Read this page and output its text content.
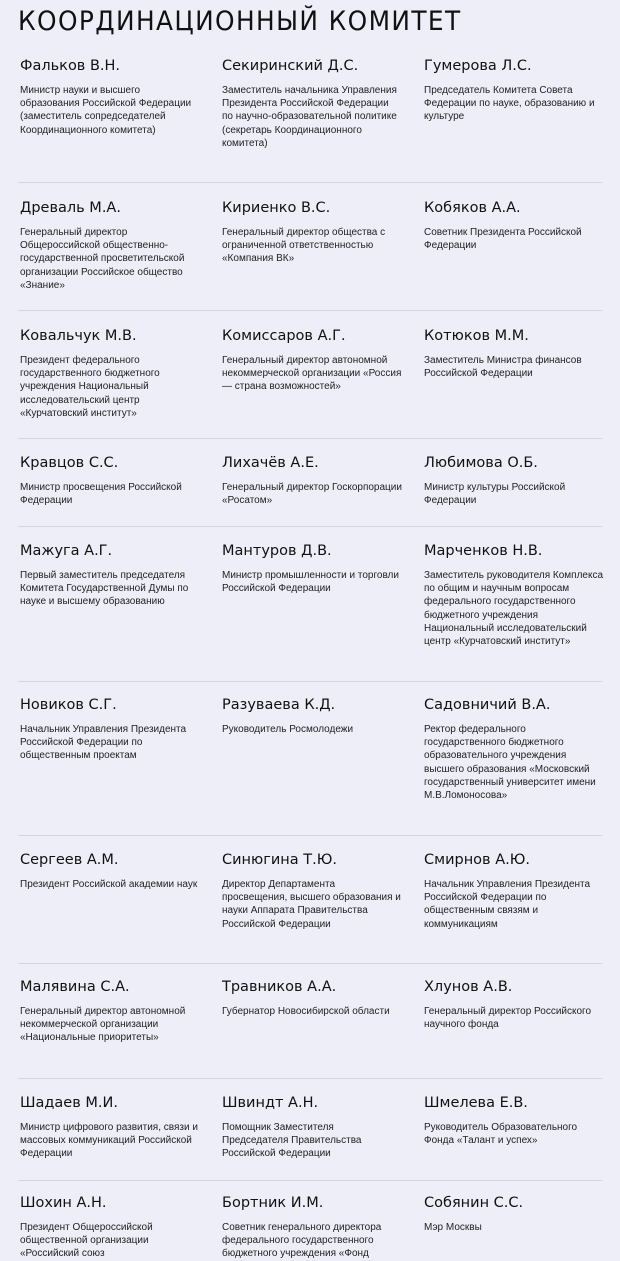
КООРДИНАЦИОННЫЙ КОМИТЕТ
Фальков В.Н.
Министр науки и высшего образования Российской Федерации (заместитель сопредседателей Координационного комитета)
Секиринский Д.С.
Заместитель начальника Управления Президента Российской Федерации по научно-образовательной политике (секретарь Координационного комитета)
Гумерова Л.С.
Председатель Комитета Совета Федерации по науке, образованию и культуре
Древаль М.А.
Генеральный директор Общероссийской общественно-государственной просветительской организации Российское общество «Знание»
Кириенко В.С.
Генеральный директор общества с ограниченной ответственностью «Компания ВК»
Кобяков А.А.
Советник Президента Российской Федерации
Ковальчук М.В.
Президент федерального государственного бюджетного учреждения Национальный исследовательский центр «Курчатовский институт»
Комиссаров А.Г.
Генеральный директор автономной некоммерческой организации «Россия — страна возможностей»
Котюков М.М.
Заместитель Министра финансов Российской Федерации
Кравцов С.С.
Министр просвещения Российской Федерации
Лихачёв А.Е.
Генеральный директор Госкорпорации «Росатом»
Любимова О.Б.
Министр культуры Российской Федерации
Мажуга А.Г.
Первый заместитель председателя Комитета Государственной Думы по науке и высшему образованию
Мантуров Д.В.
Министр промышленности и торговли Российской Федерации
Марченков Н.В.
Заместитель руководителя Комплекса по общим и научным вопросам федерального государственного бюджетного учреждения Национальный исследовательский центр «Курчатовский институт»
Новиков С.Г.
Начальник Управления Президента Российской Федерации по общественным проектам
Разуваева К.Д.
Руководитель Росмолодежи
Садовничий В.А.
Ректор федерального государственного бюджетного образовательного учреждения высшего образования «Московский государственный университет имени М.В.Ломоносова»
Сергеев А.М.
Президент Российской академии наук
Синюгина Т.Ю.
Директор Департамента просвещения, высшего образования и науки Аппарата Правительства Российской Федерации
Смирнов А.Ю.
Начальник Управления Президента Российской Федерации по общественным связям и коммуникациям
Малявина С.А.
Генеральный директор автономной некоммерческой организации «Национальные приоритеты»
Травников А.А.
Губернатор Новосибирской области
Хлунов А.В.
Генеральный директор Российского научного фонда
Шадаев М.И.
Министр цифрового развития, связи и массовых коммуникаций Российской Федерации
Швиндт А.Н.
Помощник Заместителя Председателя Правительства Российской Федерации
Шмелева Е.В.
Руководитель Образовательного Фонда «Талант и успех»
Шохин А.Н.
Президент Общероссийской общественной организации «Российский союз
Бортник И.М.
Советник генерального директора федерального государственного бюджетного учреждения «Фонд
Собянин С.С.
Мэр Москвы
